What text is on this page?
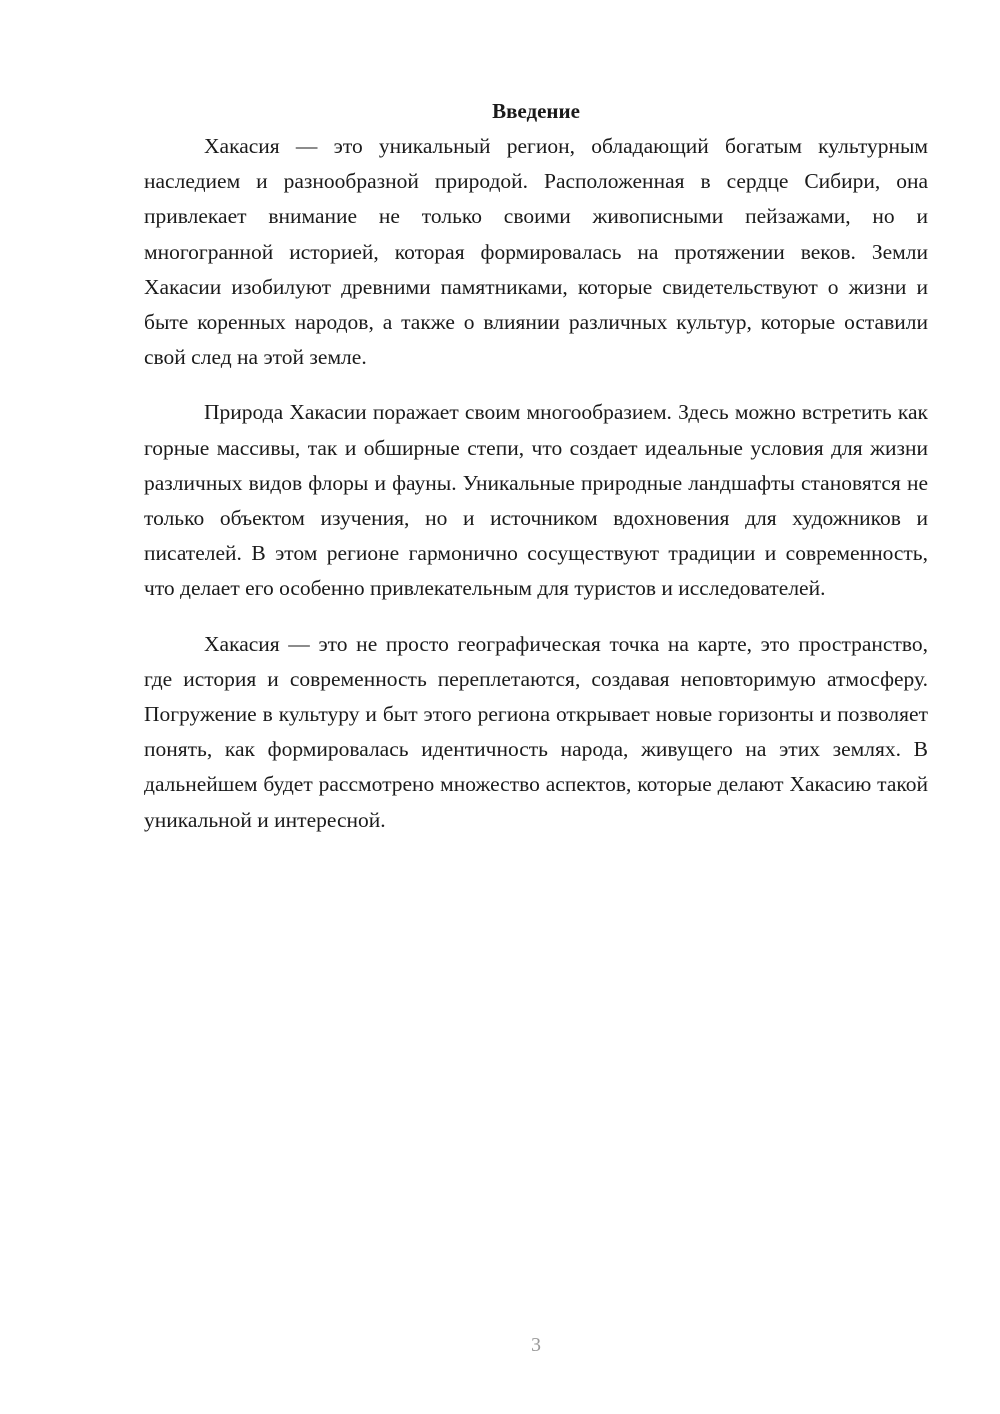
Введение

Хакасия — это уникальный регион, обладающий богатым культурным наследием и разнообразной природой. Расположенная в сердце Сибири, она привлекает внимание не только своими живописными пейзажами, но и многогранной историей, которая формировалась на протяжении веков. Земли Хакасии изобилуют древними памятниками, которые свидетельствуют о жизни и быте коренных народов, а также о влиянии различных культур, которые оставили свой след на этой земле.

Природа Хакасии поражает своим многообразием. Здесь можно встретить как горные массивы, так и обширные степи, что создает идеальные условия для жизни различных видов флоры и фауны. Уникальные природные ландшафты становятся не только объектом изучения, но и источником вдохновения для художников и писателей. В этом регионе гармонично сосуществуют традиции и современность, что делает его особенно привлекательным для туристов и исследователей.

Хакасия — это не просто географическая точка на карте, это пространство, где история и современность переплетаются, создавая неповторимую атмосферу. Погружение в культуру и быт этого региона открывает новые горизонты и позволяет понять, как формировалась идентичность народа, живущего на этих землях. В дальнейшем будет рассмотрено множество аспектов, которые делают Хакасию такой уникальной и интересной.

3
